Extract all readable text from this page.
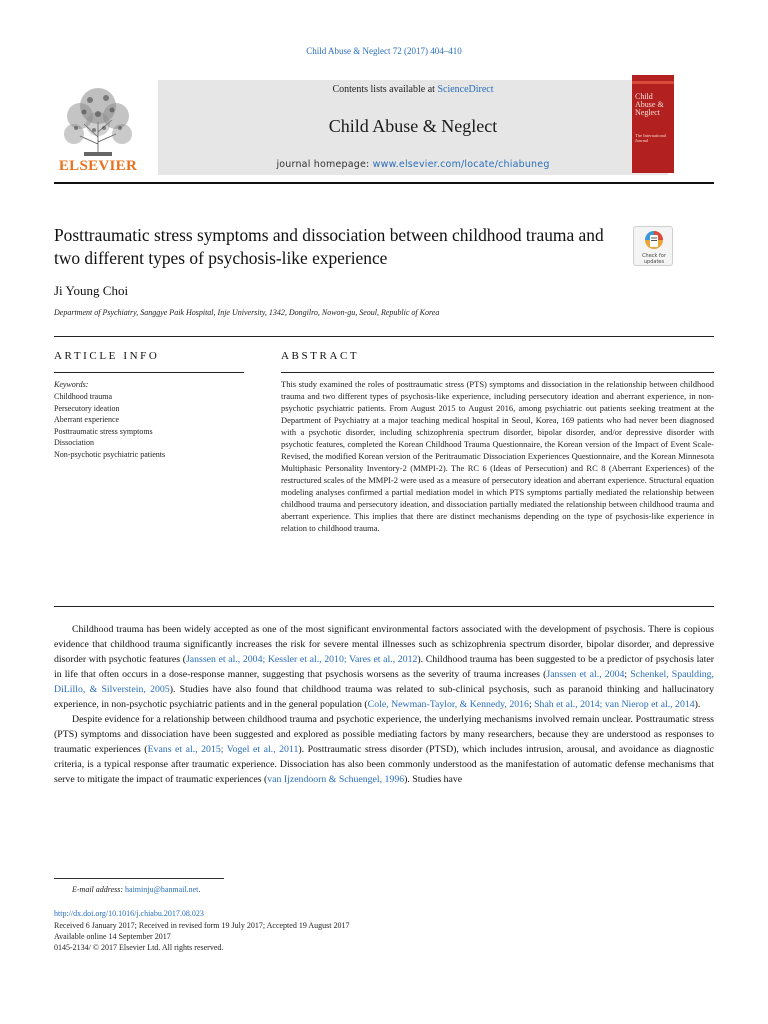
Child Abuse & Neglect 72 (2017) 404–410
ELSEVIER
Contents lists available at ScienceDirect
Child Abuse & Neglect
journal homepage: www.elsevier.com/locate/chiabuneg
Child Abuse & Neglect
The International Journal
Posttraumatic stress symptoms and dissociation between childhood trauma and two different types of psychosis-like experience	Check for
updates
Ji Young Choi
Department of Psychiatry, Sanggye Paik Hospital, Inje University, 1342, Dongilro, Nowon-gu, Seoul, Republic of Korea
ARTICLE INFO	ABSTRACT
Keywords:
Childhood trauma
Persecutory ideation
Aberrant experience
Posttraumatic stress symptoms
Dissociation
Non-psychotic psychiatric patients
This study examined the roles of posttraumatic stress (PTS) symptoms and dissociation in the relationship between childhood trauma and two different types of psychosis-like experience, including persecutory ideation and aberrant experience, in non-psychotic psychiatric patients. From August 2015 to August 2016, among psychiatric out patients seeking treatment at the Department of Psychiatry at a major teaching medical hospital in Seoul, Korea, 169 patients who had never been diagnosed with a psychotic disorder, including schizophrenia spectrum disorder, bipolar disorder, and/or depressive disorder with psychotic features, completed the Korean Childhood Trauma Questionnaire, the Korean version of the Impact of Event Scale-Revised, the modified Korean version of the Peritraumatic Dissociation Experiences Questionnaire, and the Korean Minnesota Multiphasic Personality Inventory-2 (MMPI-2). The RC 6 (Ideas of Persecution) and RC 8 (Aberrant Experiences) of the restructured scales of the MMPI-2 were used as a measure of persecutory ideation and aberrant experience. Structural equation modeling analyses confirmed a partial mediation model in which PTS symptoms partially mediated the relationship between childhood trauma and persecutory ideation, and dissociation partially mediated the relationship between childhood trauma and aberrant experience. This implies that there are distinct mechanisms depending on the type of psychosis-like experience in relation to childhood trauma.

Childhood trauma has been widely accepted as one of the most significant environmental factors associated with the development of psychosis. There is copious evidence that childhood trauma significantly increases the risk for severe mental illnesses such as schizophrenia spectrum disorder, bipolar disorder, and depressive disorder with psychotic features (Janssen et al., 2004; Kessler et al., 2010; Vares et al., 2012). Childhood trauma has been suggested to be a predictor of psychosis later in life that often occurs in a dose-response manner, suggesting that psychosis worsens as the severity of trauma increases (Janssen et al., 2004; Schenkel, Spaulding, DiLillo, & Silverstein, 2005). Studies have also found that childhood trauma was related to sub-clinical psychosis, such as paranoid thinking and hallucinatory experience, in non-psychotic psychiatric patients and in the general population (Cole, Newman-Taylor, & Kennedy, 2016; Shah et al., 2014; van Nierop et al., 2014).

Despite evidence for a relationship between childhood trauma and psychotic experience, the underlying mechanisms involved remain unclear. Posttraumatic stress (PTS) symptoms and dissociation have been suggested and explored as possible mediating factors by many researchers, because they are understood as responses to traumatic experiences (Evans et al., 2015; Vogel et al., 2011). Posttraumatic stress disorder (PTSD), which includes intrusion, arousal, and avoidance as diagnostic criteria, is a typical response after traumatic experience. Dissociation has also been commonly understood as the manifestation of automatic defense mechanisms that serve to mitigate the impact of traumatic experiences (van Ijzendoorn & Schuengel, 1996). Studies have

E-mail address: haiminju@hanmail.net.
http://dx.doi.org/10.1016/j.chiabu.2017.08.023
Received 6 January 2017; Received in revised form 19 July 2017; Accepted 19 August 2017
Available online 14 September 2017
0145-2134/ © 2017 Elsevier Ltd. All rights reserved.
